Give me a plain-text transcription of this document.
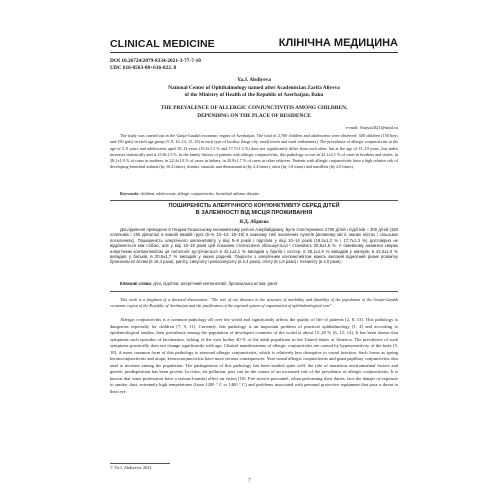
CLINICAL MEDICINE	КЛІНІЧНА МЕДИЦИНА
DOI 10.26724/2079-8334-2021-3-77-7-10
UDC 616-0563-08+616-022. 8
Ya.J. Abdiyeva
National Center of Ophthalmology named after Academician Zarifa Aliyeva
of the Ministry of Health of the Republic of Azerbaijan, Baku
THE PREVALENCE OF ALLERGIC CONJUNCTIVITIS AMONG CHILDREN,
DEPENDING ON THE PLACE OF RESIDENCE
e-mail: Statya2021@mail.ru
The study was carried out in the Ganja-Gazakh economic region of Azerbaijan. The total of 2,700 children and adolescents were observed: 300 children (150 boys and 150 girls) in each age group (5–9, 10–14, 15–19) in each type of locality (large city, small towns and rural settlements). The prevalence of allergic conjunctivitis at the age of 5–9 years and adolescents aged 10–14 years (19.4±1.3 % and 17.7±1.3 %) does not significantly differ from each other, but at the age of 15–19 years, this index increases statistically and is 25.8±1.5 %. In the family history of patients with allergic conjunctivitis, this pathology occurs in 42.1±2.1 % of cases in brothers and sisters, in 28.1±1.9 % of cases in mothers, in 22.4±1.8 % of cases in fathers, in 20.9±1.7 % of cases in other relatives. Patients with allergic conjunctivitis have a high relative risk of developing bronchial asthma (by 16.4 times), rhinitis, sinusitis and rhinosinusitis (by 2.4 times), otitis (by 1.8 times) and tonsillitis (by 2.0 times).
Keywords: children, adolescents, allergic conjunctivitis, bronchial asthma, rhinitis.
ПОШИРЕНІСТЬ АЛЕРГІЧНОГО КОН'ЮНКТИВІТУ СЕРЕД ДІТЕЙ
В ЗАЛЕЖНОСТІ ВІД МІСЦЯ ПРОЖИВАННЯ
Я.Д. Абдиєва
Дослідження проведено в Гянджа-Газахському економічному регіоні Азербайджану. Було спостережено 2700 дітей і підлітків – 300 дітей (150 хлопчиків і 150 дівчаток) в кожній віковій групі (5–9, 10–14, 15–19) в кожному типі населених пунктів (великому місті, малих містах і сільських поселеннях). Поширеність алергічного кон'юнктивіту у віці 5–9 років і підлітків у віці 10–14 років (19,4±1,3 % і 17,7±1,3 %) достовірно не відрізняється між собою, але у віці 15–19 років цей показник статистично збільшується і становить 25,8±1,5 %. У сімейному анамнезі хворих алергічним кон'юнктивітом ця патологія зустрічається в 42,1±2,1 % випадків у братів і сестер, в 28,1±1,9 % випадків у матерів, в 22,4±1,8 % випадків у батьків, в 20,9±1,7 % випадків у інших родичів. Пацієнти з алергічним кон'юнктивітом мають високий відносний ризик розвитку бронхіальної астми (в 16,4 рази), риніту, синуситу і риносинуситу (в 2,4 рази), отиту (в 1,8 рази) і тонзиліту (в 2,0 рази).
Ключові слова: діти, підлітки, алергічний кон'юнктивіт, бронхіальна астма, риніт.
This work is a fragment of a doctoral dissertation: "The role of eye diseases in the structure of morbidity and disability of the population of the Ganja-Gazakh economic region of the Republic of Azerbaijan and the justification of the regional system of organization of ophthalmological care".
Allergic conjunctivitis is a common pathology all over the world and significantly affects the quality of life of patients [2, 8, 13]. This pathology is dangerous especially for children [7, 9, 11]. Currently, this pathology is an important problem of practical ophthalmology [1, 4] and according to epidemiological studies, their prevalence among the population of developed countries of the world is about 15–20 % [6, 12, 14]. It has been shown that symptoms such episodes of lacrimation, itching of the eyes bother 40 % of the adult population in the United States of America. The prevalence of such symptoms practically does not change significantly with age. Clinical manifestations of allergic conjunctivitis are caused by hypersensitivity of the body [5, 10]. A more common form of this pathology is seasonal allergic conjunctivitis, which is relatively less disruptive to visual function. Such forms as spring keratoconjunctivitis and atopic keratoconjunctivitis have more serious consequences. Year-round allergic conjunctivitis and giant papillary conjunctivitis also tend to increase among the population. The pathogenesis of this pathology has been studied quite well, the role of numerous environmental factors and genetic predisposition has been proven. In cities, air pollution, pets can be the causes of an increased risk of the prevalence of allergic conjunctivitis. It is known that some professions have a serious harmful effect on vision [10]. Fire service personnel, when performing their duties, face the danger of exposure to smoke, dust, extremely high temperatures (from 1200 ° C to 1400 ° C) and problems associated with personal protective equipment that pose a threat to their eye
© Ya.J. Abdiyeva, 2021
7
